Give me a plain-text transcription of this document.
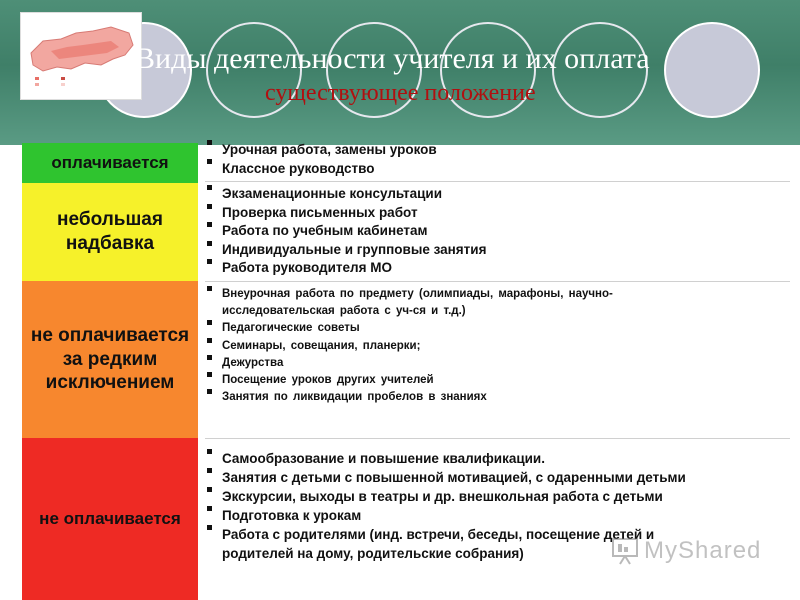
Виды деятельности учителя и их оплата
существующее положение
оплачивается
Урочная работа, замены уроков
Классное руководство
небольшая надбавка
Экзаменационные консультации
Проверка письменных работ
Работа по учебным кабинетам
Индивидуальные и групповые занятия
Работа руководителя МО
не оплачивается за редким исключением
Внеурочная работа по предмету (олимпиады, марафоны, научно-
исследовательская работа с уч-ся и т.д.)
Педагогические советы
Семинары, совещания, планерки;
Дежурства
Посещение уроков других учителей
Занятия по ликвидации пробелов в знаниях
не оплачивается
Самообразование и повышение квалификации.
Занятия с детьми с повышенной мотивацией, с одаренными детьми
Экскурсии, выходы в театры и др. внешкольная работа с детьми
Подготовка к урокам
Работа с родителями (инд. встречи, беседы, посещение детей и
родителей на дому, родительские собрания)	MyShared
